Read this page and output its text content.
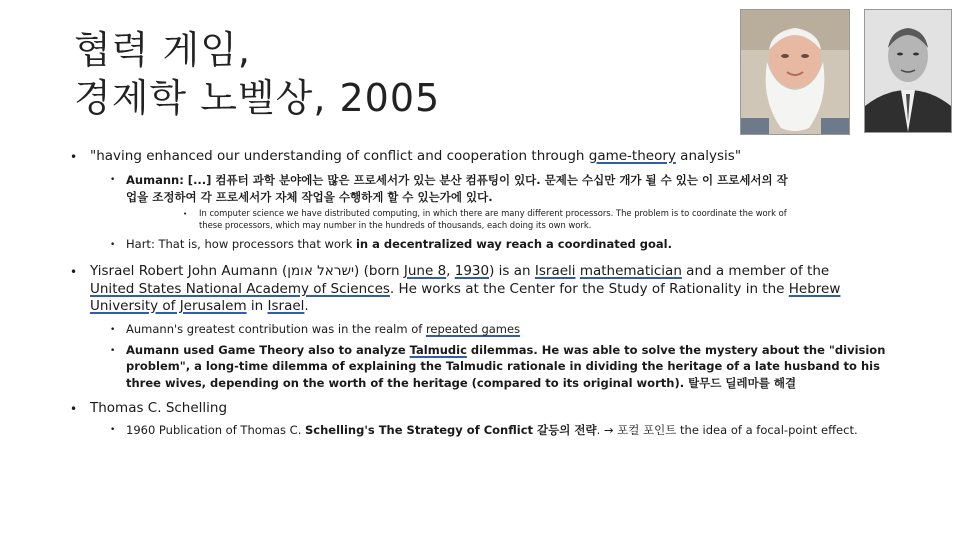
협력 게임,
경제학 노벨상, 2005
• "having enhanced our understanding of conflict and cooperation through game-theory analysis"
• Aumann: [...] 컴퓨터 과학 분야에는 많은 프로세서가 있는 분산 컴퓨팅이 있다. 문제는 수십만 개가 될 수 있는 이 프로세서의 작
업을 조정하여 각 프로세서가 자체 작업을 수행하게 할 수 있는가에 있다.
• In computer science we have distributed computing, in which there are many different processors. The problem is to coordinate the work of
these processors, which may number in the hundreds of thousands, each doing its own work.
• Hart: That is, how processors that work in a decentralized way reach a coordinated goal.
• Yisrael Robert John Aumann (ישראל אומן) (born June 8, 1930) is an Israeli mathematician and a member of the
United States National Academy of Sciences. He works at the Center for the Study of Rationality in the Hebrew
University of Jerusalem in Israel.
• Aumann's greatest contribution was in the realm of repeated games
• Aumann used Game Theory also to analyze Talmudic dilemmas. He was able to solve the mystery about the "division
problem", a long-time dilemma of explaining the Talmudic rationale in dividing the heritage of a late husband to his
three wives, depending on the worth of the heritage (compared to its original worth). 탈무드 딜레마를 해결
• Thomas C. Schelling
• 1960 Publication of Thomas C. Schelling's The Strategy of Conflict 갈등의 전략. → 포컬 포인트 the idea of a focal-point effect.
